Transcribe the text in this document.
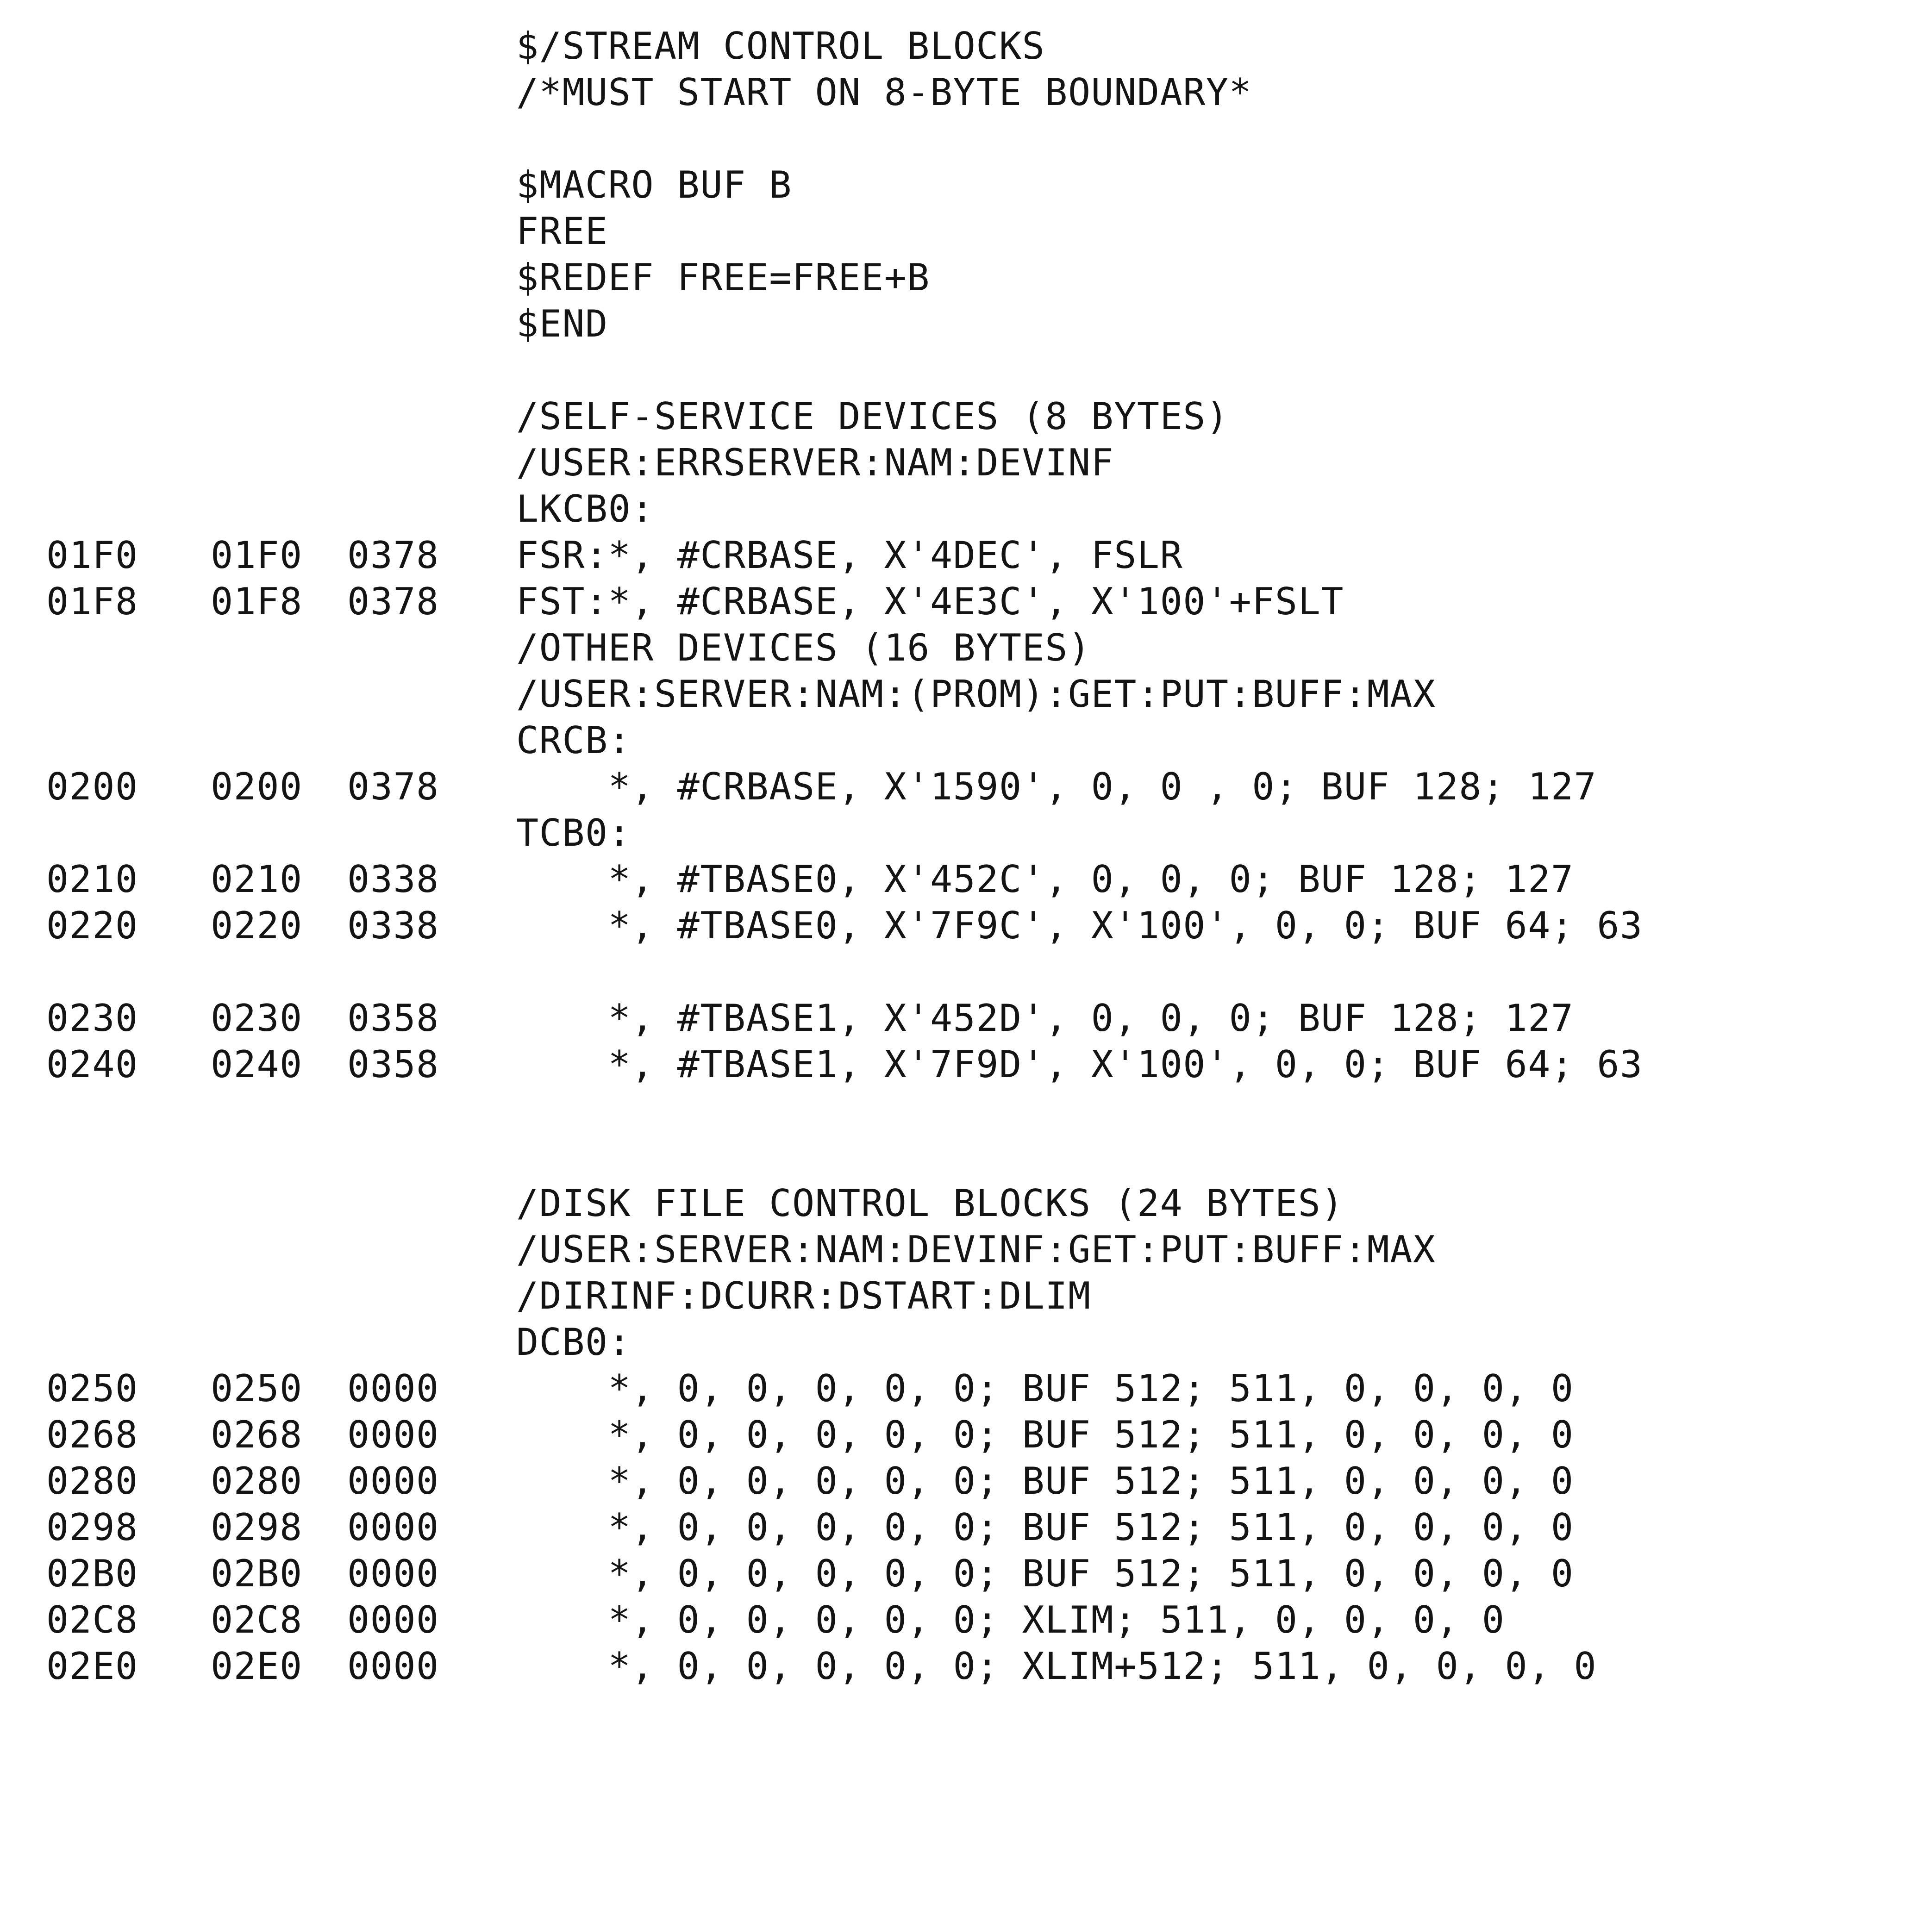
$/STREAM CONTROL BLOCKS

/*MUST START ON 8-BYTE BOUNDARY*

$MACRO BUF B

FREE

$REDEF FREE=FREE+B

$END

/SELF-SERVICE DEVICES (8 BYTES)

/USER:ERRSERVER:NAM:DEVINF

LKCB0:

01F0

01F0

0378

FSR:*, #CRBASE, X'4DEC', FSLR

01F8

01F8

0378

FST:*, #CRBASE, X'4E3C', X'100'+FSLT

/OTHER DEVICES (16 BYTES)

/USER:SERVER:NAM:(PROM):GET:PUT:BUFF:MAX

CRCB:

0200

0200

0378

*, #CRBASE, X'1590', 0, 0 , 0; BUF 128; 127

TCB0:

0210

0210

0338

*, #TBASE0, X'452C', 0, 0, 0; BUF 128; 127

0220

0220

0338

*, #TBASE0, X'7F9C', X'100', 0, 0; BUF 64; 63

0230

0230

0358

*, #TBASE1, X'452D', 0, 0, 0; BUF 128; 127

0240

0240

0358

*, #TBASE1, X'7F9D', X'100', 0, 0; BUF 64; 63

/DISK FILE CONTROL BLOCKS (24 BYTES)

/USER:SERVER:NAM:DEVINF:GET:PUT:BUFF:MAX

/DIRINF:DCURR:DSTART:DLIM

DCB0:

0250

0250

0000

*, 0, 0, 0, 0, 0; BUF 512; 511, 0, 0, 0, 0

0268

0268

0000

*, 0, 0, 0, 0, 0; BUF 512; 511, 0, 0, 0, 0

0280

0280

0000

*, 0, 0, 0, 0, 0; BUF 512; 511, 0, 0, 0, 0

0298

0298

0000

*, 0, 0, 0, 0, 0; BUF 512; 511, 0, 0, 0, 0

02B0

02B0

0000

*, 0, 0, 0, 0, 0; BUF 512; 511, 0, 0, 0, 0

02C8

02C8

0000

*, 0, 0, 0, 0, 0; XLIM; 511, 0, 0, 0, 0

02E0

02E0

0000

*, 0, 0, 0, 0, 0; XLIM+512; 511, 0, 0, 0, 0
